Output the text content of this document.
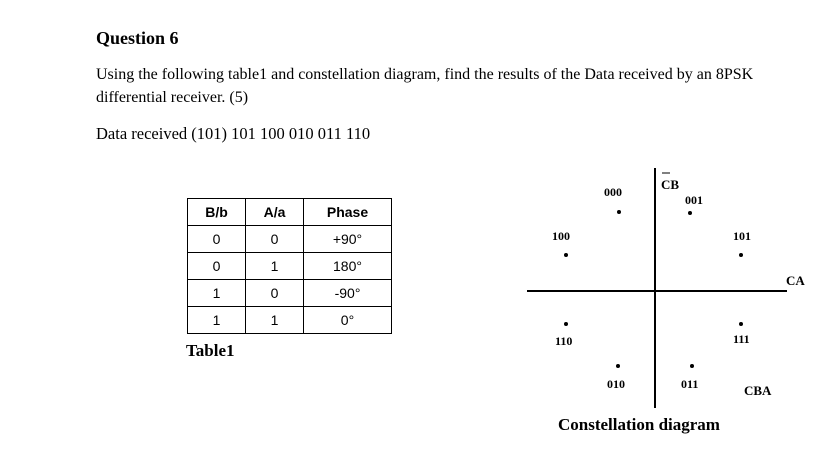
Question 6
Using the following table1 and constellation diagram, find the results of the Data received by an 8PSK differential receiver. (5)
Data received (101) 101 100 010 011 110
B/b	A/a	Phase
0	0	+90°
0	1	180°
1	0	-90°
1	1	0°
Table1
CB
CA
CBA
000
001
100	101
110	111
010	011
Constellation diagram
